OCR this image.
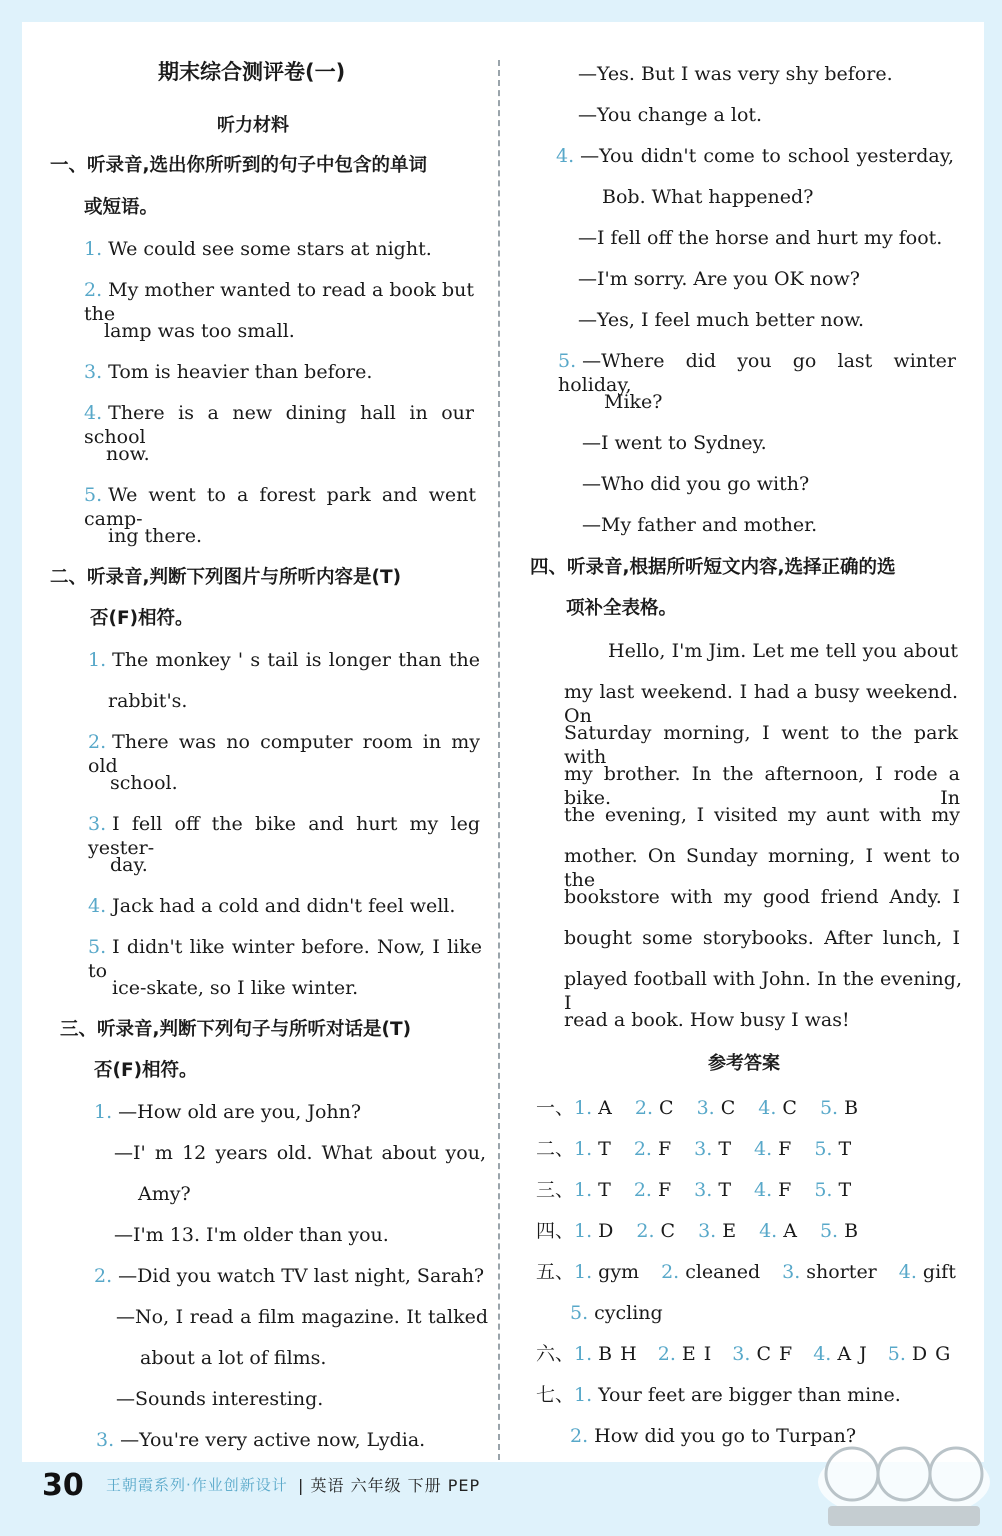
期末综合测评卷(一)
听力材料
一、听录音,选出你所听到的句子中包含的单词
或短语。
1. We could see some stars at night.
2. My mother wanted to read a book but the
lamp was too small.
3. Tom is heavier than before.
4. There is a new dining hall in our school
now.
5. We went to a forest park and went camp-
ing there.
二、听录音,判断下列图片与所听内容是(T)
否(F)相符。
1. The monkey ' s tail is longer than the
rabbit's.
2. There was no computer room in my old
school.
3. I fell off the bike and hurt my leg yester-
day.
4. Jack had a cold and didn't feel well.
5. I didn't like winter before. Now, I like to
ice-skate, so I like winter.
三、听录音,判断下列句子与所听对话是(T)
否(F)相符。
1. —How old are you, John?
—I' m 12 years old. What about you,
Amy?
—I'm 13. I'm older than you.
2. —Did you watch TV last night, Sarah?
—No, I read a film magazine. It talked
about a lot of films.
—Sounds interesting.
3. —You're very active now, Lydia.
—Yes. But I was very shy before.
—You change a lot.
4. —You didn't come to school yesterday,
Bob. What happened?
—I fell off the horse and hurt my foot.
—I'm sorry. Are you OK now?
—Yes, I feel much better now.
5. —Where did you go last winter holiday,
Mike?
—I went to Sydney.
—Who did you go with?
—My father and mother.
四、听录音,根据所听短文内容,选择正确的选
项补全表格。
Hello, I'm Jim. Let me tell you about
my last weekend. I had a busy weekend. On
Saturday morning, I went to the park with
my brother. In the afternoon, I rode a bike. In
the evening, I visited my aunt with my
mother. On Sunday morning, I went to the
bookstore with my good friend Andy. I
bought some storybooks. After lunch, I
played football with John. In the evening, I
read a book. How busy I was!
参考答案
一、1. A 2. C 3. C 4. C 5. B
二、1. T 2. F 3. T 4. F 5. T
三、1. T 2. F 3. T 4. F 5. T
四、1. D 2. C 3. E 4. A 5. B
五、1. gym 2. cleaned 3. shorter 4. gift
5. cycling
六、1. B H 2. E I 3. C F 4. A J 5. D G
七、1. Your feet are bigger than mine.
2. How did you go to Turpan?
30 王朝霞系列·作业创新设计 | 英语 六年级 下册 PEP
